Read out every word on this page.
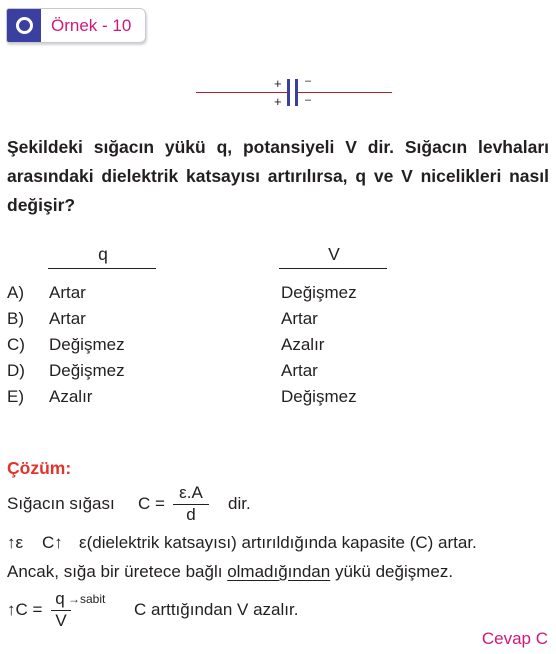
Örnek - 10
+
+
–
–
Şekildeki sığacın yükü q, potansiyeli V dir. Sığacın levhaları arasındaki dielektrik katsayısı artırılırsa, q ve V nicelikleri nasıl değişir?
q	V
A) Artar	Değişmez
B) Artar	Artar
C) Değişmez	Azalır
D) Değişmez	Artar
E) Azalır	Değişmez
Çözüm:
Sığacın sığası C =
ε.A
d
dir.
↑ε C↑ ε(dielektrik katsayısı) artırıldığında kapasite (C) artar.
Ancak, sığa bir üretece bağlı olmadığından yükü değişmez.
↑C =
q →sabit
V
C arttığından V azalır.
Cevap C
